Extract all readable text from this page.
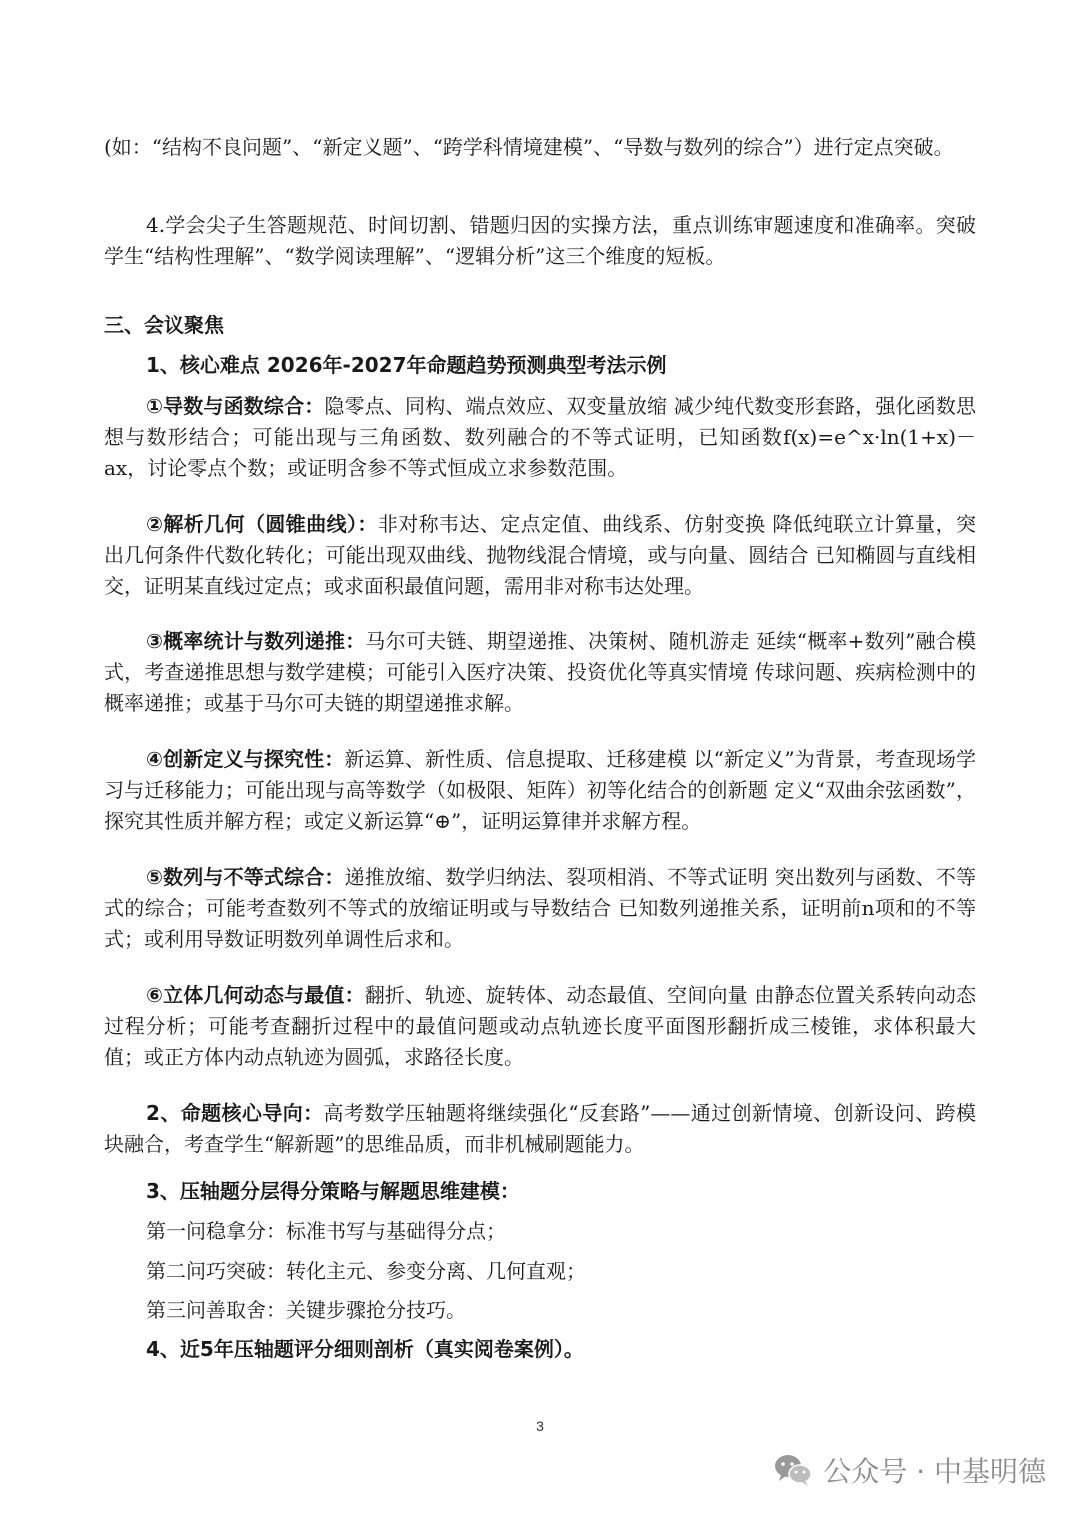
(如：“结构不良问题”、“新定义题”、“跨学科情境建模”、“导数与数列的综合”）进行定点突破。

4.学会尖子生答题规范、时间切割、错题归因的实操方法，重点训练审题速度和准确率。突破学生“结构性理解”、“数学阅读理解”、“逻辑分析”这三个维度的短板。

三、会议聚焦

1、核心难点 2026年-2027年命题趋势预测典型考法示例

①导数与函数综合：隐零点、同构、端点效应、双变量放缩 减少纯代数变形套路，强化函数思想与数形结合；可能出现与三角函数、数列融合的不等式证明，已知函数f(x)=e^x·ln(1+x)－ax，讨论零点个数；或证明含参不等式恒成立求参数范围。

②解析几何（圆锥曲线）：非对称韦达、定点定值、曲线系、仿射变换 降低纯联立计算量，突出几何条件代数化转化；可能出现双曲线、抛物线混合情境，或与向量、圆结合 已知椭圆与直线相交，证明某直线过定点；或求面积最值问题，需用非对称韦达处理。

③概率统计与数列递推：马尔可夫链、期望递推、决策树、随机游走 延续“概率+数列”融合模式，考查递推思想与数学建模；可能引入医疗决策、投资优化等真实情境 传球问题、疾病检测中的概率递推；或基于马尔可夫链的期望递推求解。

④创新定义与探究性：新运算、新性质、信息提取、迁移建模 以“新定义”为背景，考查现场学习与迁移能力；可能出现与高等数学（如极限、矩阵）初等化结合的创新题 定义“双曲余弦函数”，探究其性质并解方程；或定义新运算“⊕”，证明运算律并求解方程。

⑤数列与不等式综合：递推放缩、数学归纳法、裂项相消、不等式证明 突出数列与函数、不等式的综合；可能考查数列不等式的放缩证明或与导数结合 已知数列递推关系，证明前n项和的不等式；或利用导数证明数列单调性后求和。

⑥立体几何动态与最值：翻折、轨迹、旋转体、动态最值、空间向量 由静态位置关系转向动态过程分析；可能考查翻折过程中的最值问题或动点轨迹长度平面图形翻折成三棱锥，求体积最大值；或正方体内动点轨迹为圆弧，求路径长度。

2、命题核心导向：高考数学压轴题将继续强化“反套路”——通过创新情境、创新设问、跨模块融合，考查学生“解新题”的思维品质，而非机械刷题能力。

3、压轴题分层得分策略与解题思维建模：

第一问稳拿分：标准书写与基础得分点；

第二问巧突破：转化主元、参变分离、几何直观；

第三问善取舍：关键步骤抢分技巧。

4、近5年压轴题评分细则剖析（真实阅卷案例）。

3
公众号 · 中基明德
